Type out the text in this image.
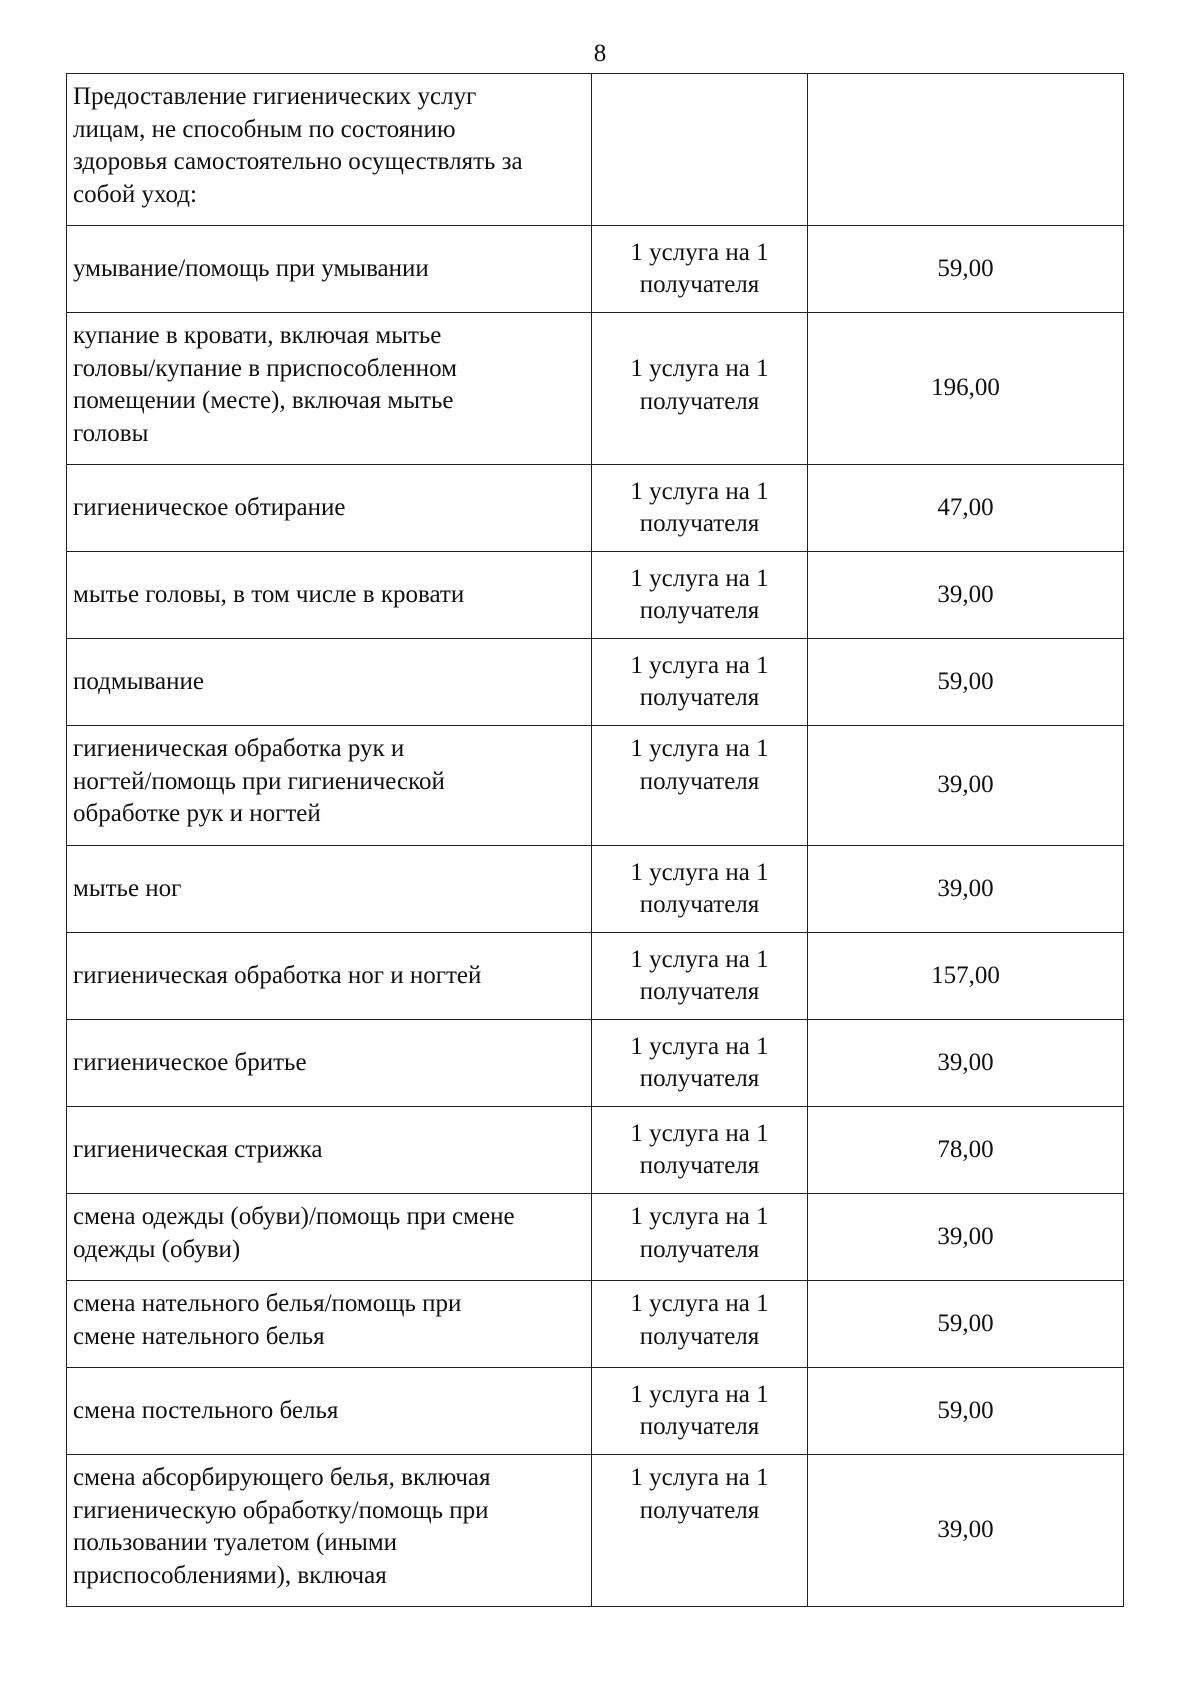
8
Предоставление гигиенических услуг
лицам, не способным по состоянию
здоровья самостоятельно осуществлять за
собой уход:		

умывание/помощь при умывании	1 услуга на 1
получателя	59,00

купание в кровати, включая мытье
головы/купание в приспособленном
помещении (месте), включая мытье
головы	1 услуга на 1
получателя	196,00

гигиеническое обтирание	1 услуга на 1
получателя	47,00

мытье головы, в том числе в кровати	1 услуга на 1
получателя	39,00

подмывание	1 услуга на 1
получателя	59,00

гигиеническая обработка рук и
ногтей/помощь при гигиенической
обработке рук и ногтей	1 услуга на 1
получателя	39,00

мытье ног	1 услуга на 1
получателя	39,00

гигиеническая обработка ног и ногтей	1 услуга на 1
получателя	157,00

гигиеническое бритье	1 услуга на 1
получателя	39,00

гигиеническая стрижка	1 услуга на 1
получателя	78,00

смена одежды (обуви)/помощь при смене
одежды (обуви)	1 услуга на 1
получателя	39,00

смена нательного белья/помощь при
смене нательного белья	1 услуга на 1
получателя	59,00

смена постельного белья	1 услуга на 1
получателя	59,00

смена абсорбирующего белья, включая
гигиеническую обработку/помощь при
пользовании туалетом (иными
приспособлениями), включая	1 услуга на 1
получателя	39,00
